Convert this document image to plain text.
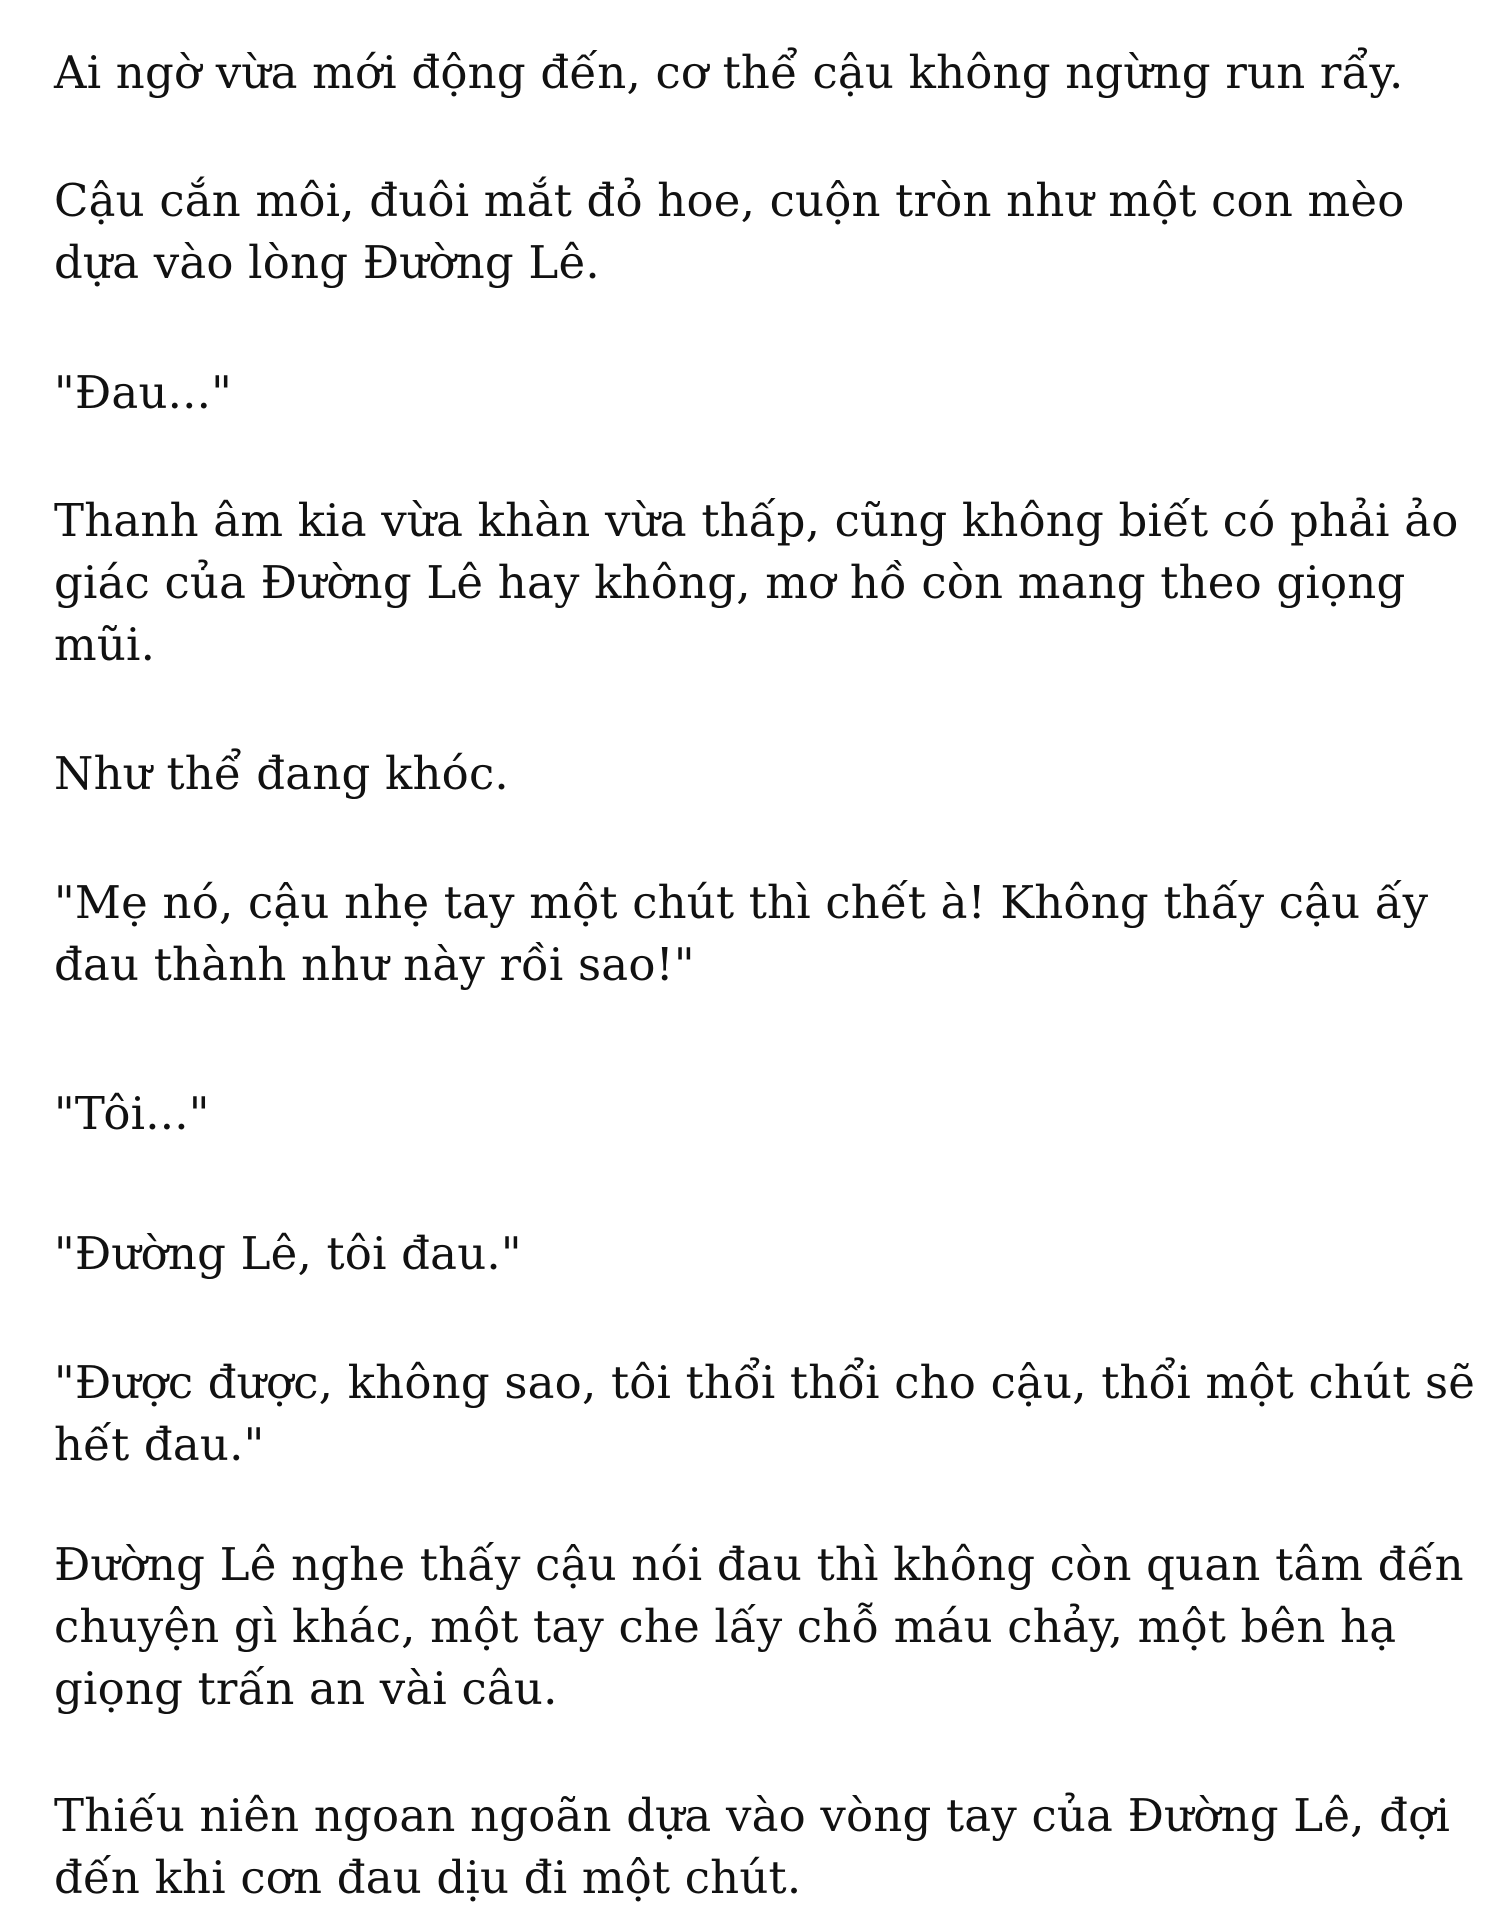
Ai ngờ vừa mới động đến, cơ thể cậu không ngừng run rẩy.

Cậu cắn môi, đuôi mắt đỏ hoe, cuộn tròn như một con mèo
dựa vào lòng Đường Lê.

"Đau..."

Thanh âm kia vừa khàn vừa thấp, cũng không biết có phải ảo
giác của Đường Lê hay không, mơ hồ còn mang theo giọng
mũi.

Như thể đang khóc.

"Mẹ nó, cậu nhẹ tay một chút thì chết à! Không thấy cậu ấy
đau thành như này rồi sao!"

"Tôi..."

"Đường Lê, tôi đau."

"Được được, không sao, tôi thổi thổi cho cậu, thổi một chút sẽ
hết đau."

Đường Lê nghe thấy cậu nói đau thì không còn quan tâm đến
chuyện gì khác, một tay che lấy chỗ máu chảy, một bên hạ
giọng trấn an vài câu.

Thiếu niên ngoan ngoãn dựa vào vòng tay của Đường Lê, đợi
đến khi cơn đau dịu đi một chút.
